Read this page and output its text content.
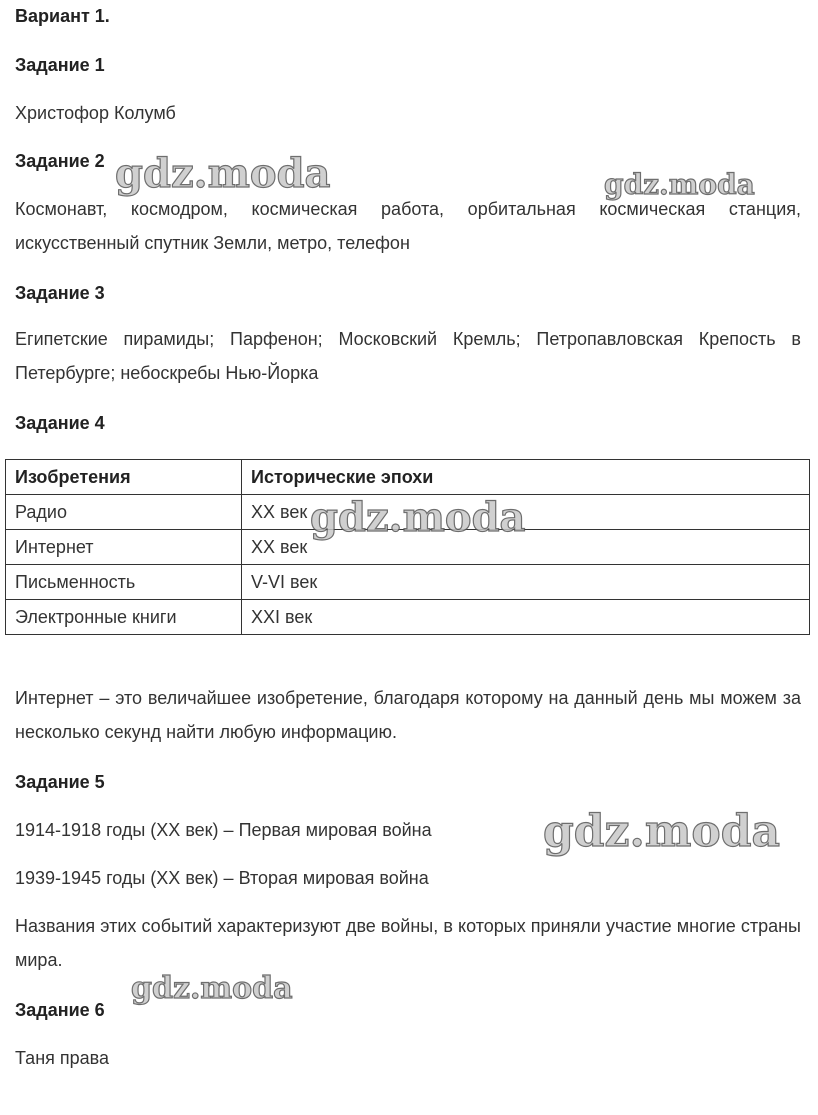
Вариант 1.
Задание 1
Христофор Колумб
Задание 2
Космонавт, космодром, космическая работа, орбитальная космическая станция, искусственный спутник Земли, метро, телефон
Задание 3
Египетские пирамиды; Парфенон; Московский Кремль; Петропавловская Крепость в Петербурге; небоскребы Нью-Йорка
Задание 4
Изобретения	Исторические эпохи
Радио	XX век
Интернет	XX век
Письменность	V-VI век
Электронные книги	XXI век
Интернет – это величайшее изобретение, благодаря которому на данный день мы можем за несколько секунд найти любую информацию.
Задание 5
1914-1918 годы (XX век) – Первая мировая война
1939-1945 годы (XX век) – Вторая мировая война
Названия этих событий характеризуют две войны, в которых приняли участие многие страны мира.
Задание 6
Таня права
gdz.moda	gdz.moda
gdz.moda
gdz.moda
gdz.moda
